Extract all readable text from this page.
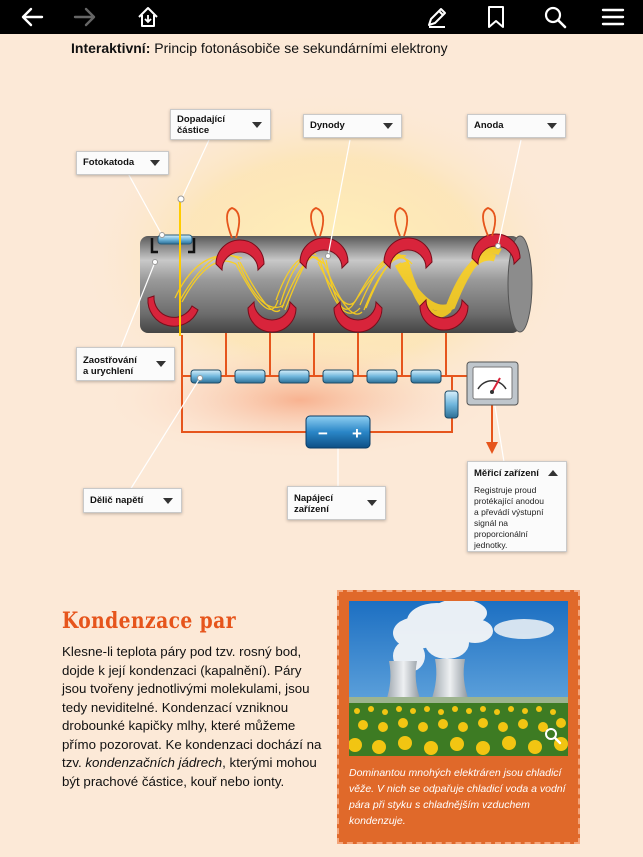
Interaktivní: Princip fotonásobiče se sekundárními elektrony
− +
Dopadající
částice
Fotokatoda
Dynody	Anoda
Zaostřování
a urychlení
Dělič napětí	Napájecí
zařízení
Měřicí zařízení
Registruje proud
protékající anodou
a převádí výstupní
signál na
proporcionální
jednotky.
Kondenzace par
Klesne-li teplota páry pod tzv. rosný bod, dojde k její kondenzaci (kapalnění). Páry jsou tvořeny jednotlivými molekulami, jsou tedy neviditelné. Kondenzací vzniknou drobounké kapičky mlhy, které můžeme přímo pozorovat. Ke kondenzaci dochází na tzv. kondenzačních jádrech, kterými mohou být prachové částice, kouř nebo ionty.
Dominantou mnohých elektráren jsou chladicí věže. V nich se odpařuje chladicí voda a vodní pára při styku s chladnějším vzduchem kondenzuje.
